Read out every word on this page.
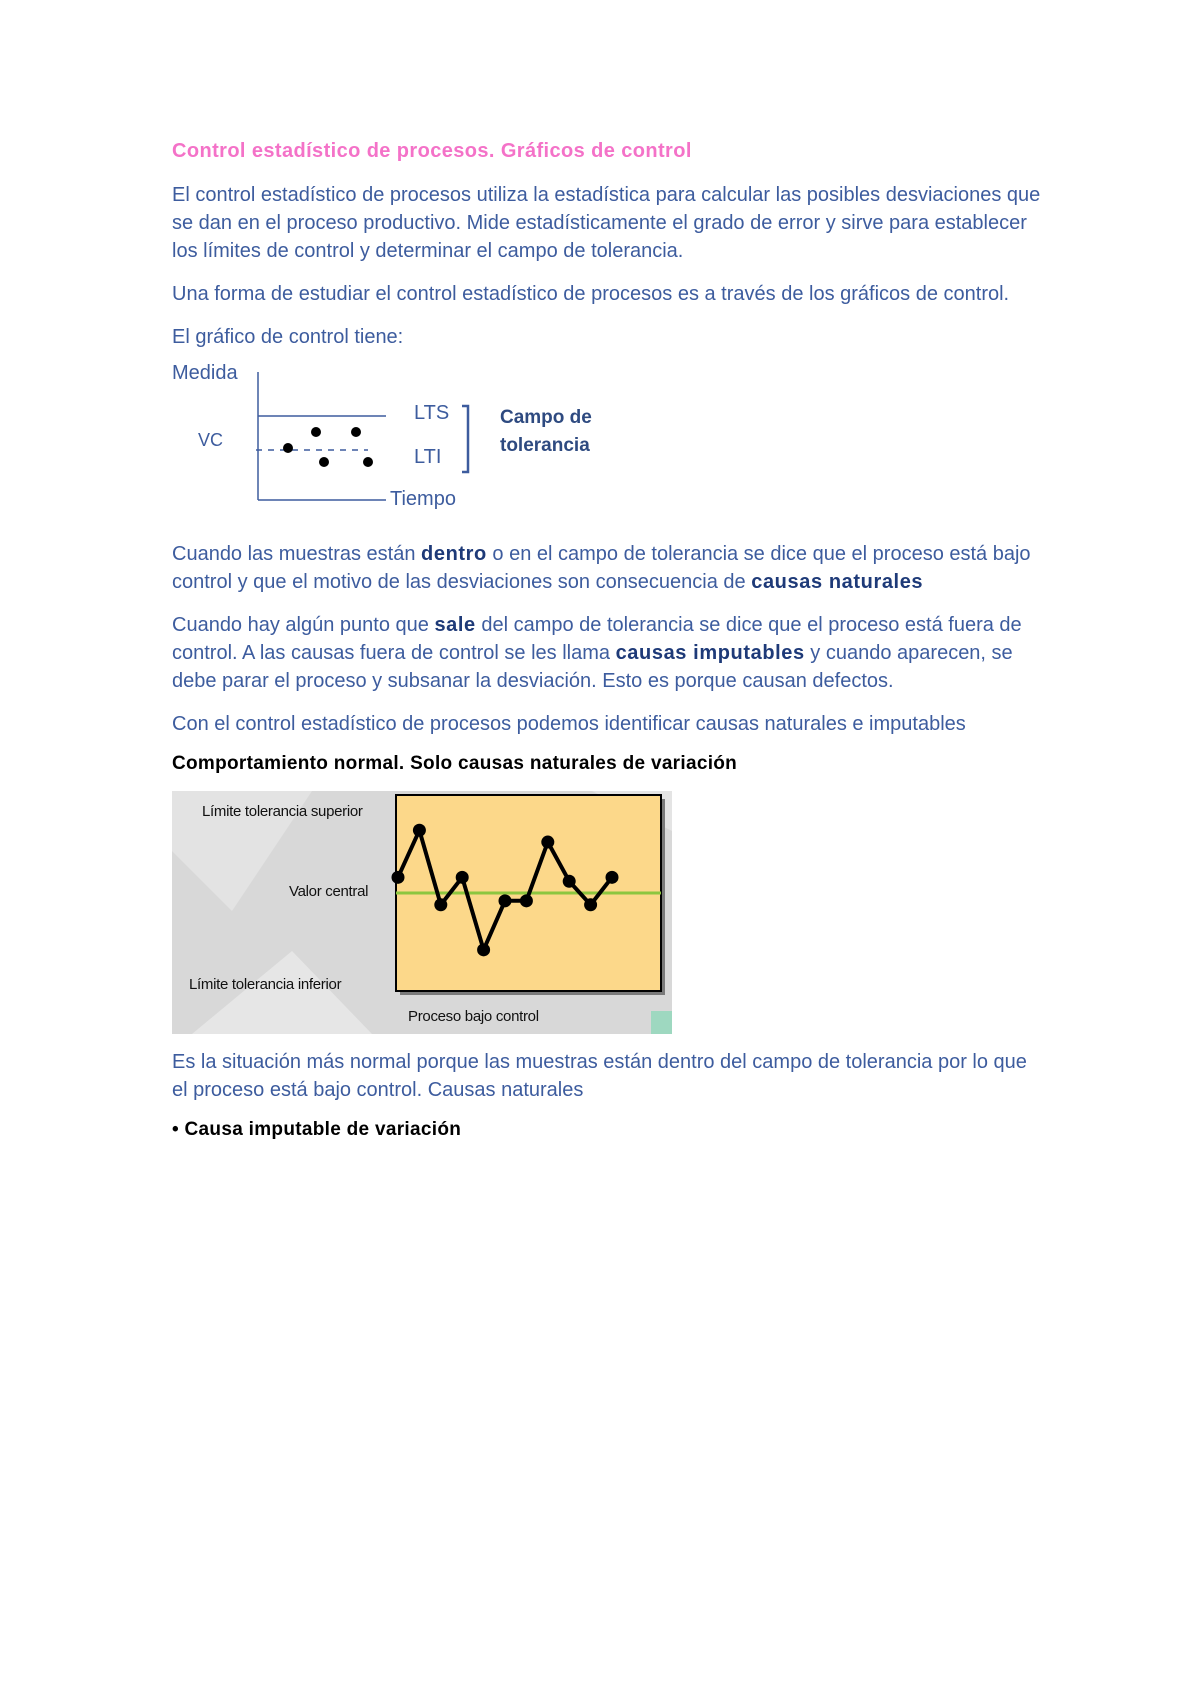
Control estadístico de procesos. Gráficos de control

El control estadístico de procesos utiliza la estadística para calcular las posibles desviaciones que se dan en el proceso productivo. Mide estadísticamente el grado de error y sirve para establecer los límites de control y determinar el campo de tolerancia.

Una forma de estudiar el control estadístico de procesos es a través de los gráficos de control.

El gráfico de control tiene:

Medida
VC
LTS
LTI
Tiempo
Campo de
tolerancia

Cuando las muestras están dentro o en el campo de tolerancia se dice que el proceso está bajo control y que el motivo de las desviaciones son consecuencia de causas naturales

Cuando hay algún punto que sale del campo de tolerancia se dice que el proceso está fuera de control. A las causas fuera de control se les llama causas imputables y cuando aparecen, se debe parar el proceso y subsanar la desviación. Esto es porque causan defectos.

Con el control estadístico de procesos podemos identificar causas naturales e imputables

Comportamiento normal. Solo causas naturales de variación
Límite tolerancia superior
Valor central
Límite tolerancia inferior
Proceso bajo control

Es la situación más normal porque las muestras están dentro del campo de tolerancia por lo que el proceso está bajo control. Causas naturales

• Causa imputable de variación
